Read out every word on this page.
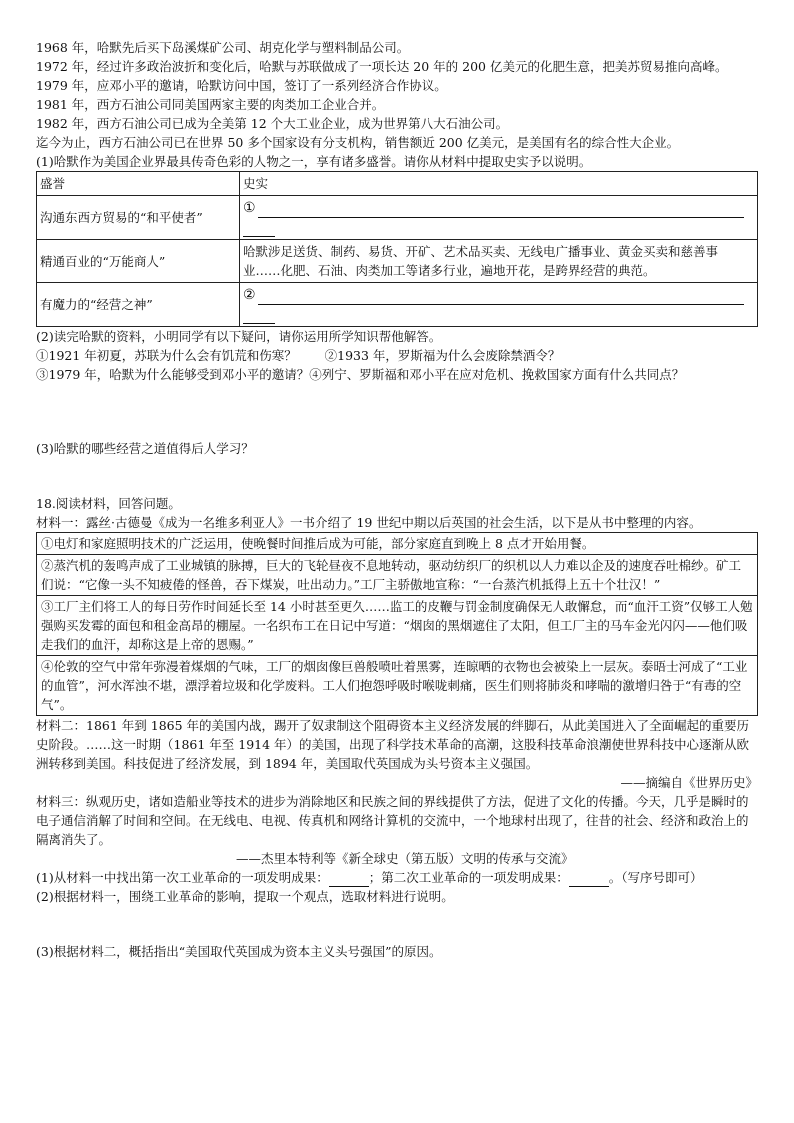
1968 年，哈默先后买下岛溪煤矿公司、胡克化学与塑料制品公司。

1972 年，经过许多政治波折和变化后，哈默与苏联做成了一项长达 20 年的 200 亿美元的化肥生意，把美苏贸易推向高峰。

1979 年，应邓小平的邀请，哈默访问中国，签订了一系列经济合作协议。

1981 年，西方石油公司同美国两家主要的肉类加工企业合并。

1982 年，西方石油公司已成为全美第 12 个大工业企业，成为世界第八大石油公司。

迄今为止，西方石油公司已在世界 50 多个国家设有分支机构，销售额近 200 亿美元，是美国有名的综合性大企业。

(1)哈默作为美国企业界最具传奇色彩的人物之一，享有诸多盛誉。请你从材料中提取史实予以说明。

盛誉	史实
沟通东西方贸易的“和平使者”	①

精通百业的“万能商人”	哈默涉足送货、制药、易货、开矿、艺术品买卖、无线电广播事业、黄金买卖和慈善事业……化肥、石油、肉类加工等诸多行业，遍地开花，是跨界经营的典范。
有魔力的“经营之神”	②

(2)读完哈默的资料，小明同学有以下疑问，请你运用所学知识帮他解答。

①1921 年初夏，苏联为什么会有饥荒和伤寒？ ②1933 年，罗斯福为什么会废除禁酒令？

③1979 年，哈默为什么能够受到邓小平的邀请？④列宁、罗斯福和邓小平在应对危机、挽救国家方面有什么共同点？

(3)哈默的哪些经营之道值得后人学习？

18.阅读材料，回答问题。

材料一：露丝·古德曼《成为一名维多利亚人》一书介绍了 19 世纪中期以后英国的社会生活，以下是从书中整理的内容。

①电灯和家庭照明技术的广泛运用，使晚餐时间推后成为可能，部分家庭直到晚上 8 点才开始用餐。
②蒸汽机的轰鸣声成了工业城镇的脉搏，巨大的飞轮昼夜不息地转动，驱动纺织厂的织机以人力难以企及的速度吞吐棉纱。矿工们说：“它像一头不知疲倦的怪兽，吞下煤炭，吐出动力。”工厂主骄傲地宣称：“一台蒸汽机抵得上五十个壮汉！”
③工厂主们将工人的每日劳作时间延长至 14 小时甚至更久……监工的皮鞭与罚金制度确保无人敢懈怠，而“血汗工资”仅够工人勉强购买发霉的面包和租金高昂的棚屋。一名织布工在日记中写道：“烟囱的黑烟遮住了太阳，但工厂主的马车金光闪闪——他们吸走我们的血汗，却称这是上帝的恩赐。”
④伦敦的空气中常年弥漫着煤烟的气味，工厂的烟囱像巨兽般喷吐着黑雾，连晾晒的衣物也会被染上一层灰。泰晤士河成了“工业的血管”，河水浑浊不堪，漂浮着垃圾和化学废料。工人们抱怨呼吸时喉咙刺痛，医生们则将肺炎和哮喘的激增归咎于“有毒的空气”。

材料二：1861 年到 1865 年的美国内战，踢开了奴隶制这个阻碍资本主义经济发展的绊脚石，从此美国进入了全面崛起的重要历史阶段。……这一时期（1861 年至 1914 年）的美国，出现了科学技术革命的高潮，这股科技革命浪潮使世界科技中心逐渐从欧洲转移到美国。科技促进了经济发展，到 1894 年，美国取代英国成为头号资本主义强国。

——摘编自《世界历史》

材料三：纵观历史，诸如造船业等技术的进步为消除地区和民族之间的界线提供了方法，促进了文化的传播。今天，几乎是瞬时的电子通信消解了时间和空间。在无线电、电视、传真机和网络计算机的交流中，一个地球村出现了，往昔的社会、经济和政治上的隔离消失了。

——杰里本特利等《新全球史（第五版）文明的传承与交流》

(1)从材料一中找出第一次工业革命的一项发明成果：	；第二次工业革命的一项发明成果：	。（写序号即可）

(2)根据材料一，围绕工业革命的影响，提取一个观点，选取材料进行说明。

(3)根据材料二，概括指出“美国取代英国成为资本主义头号强国”的原因。
